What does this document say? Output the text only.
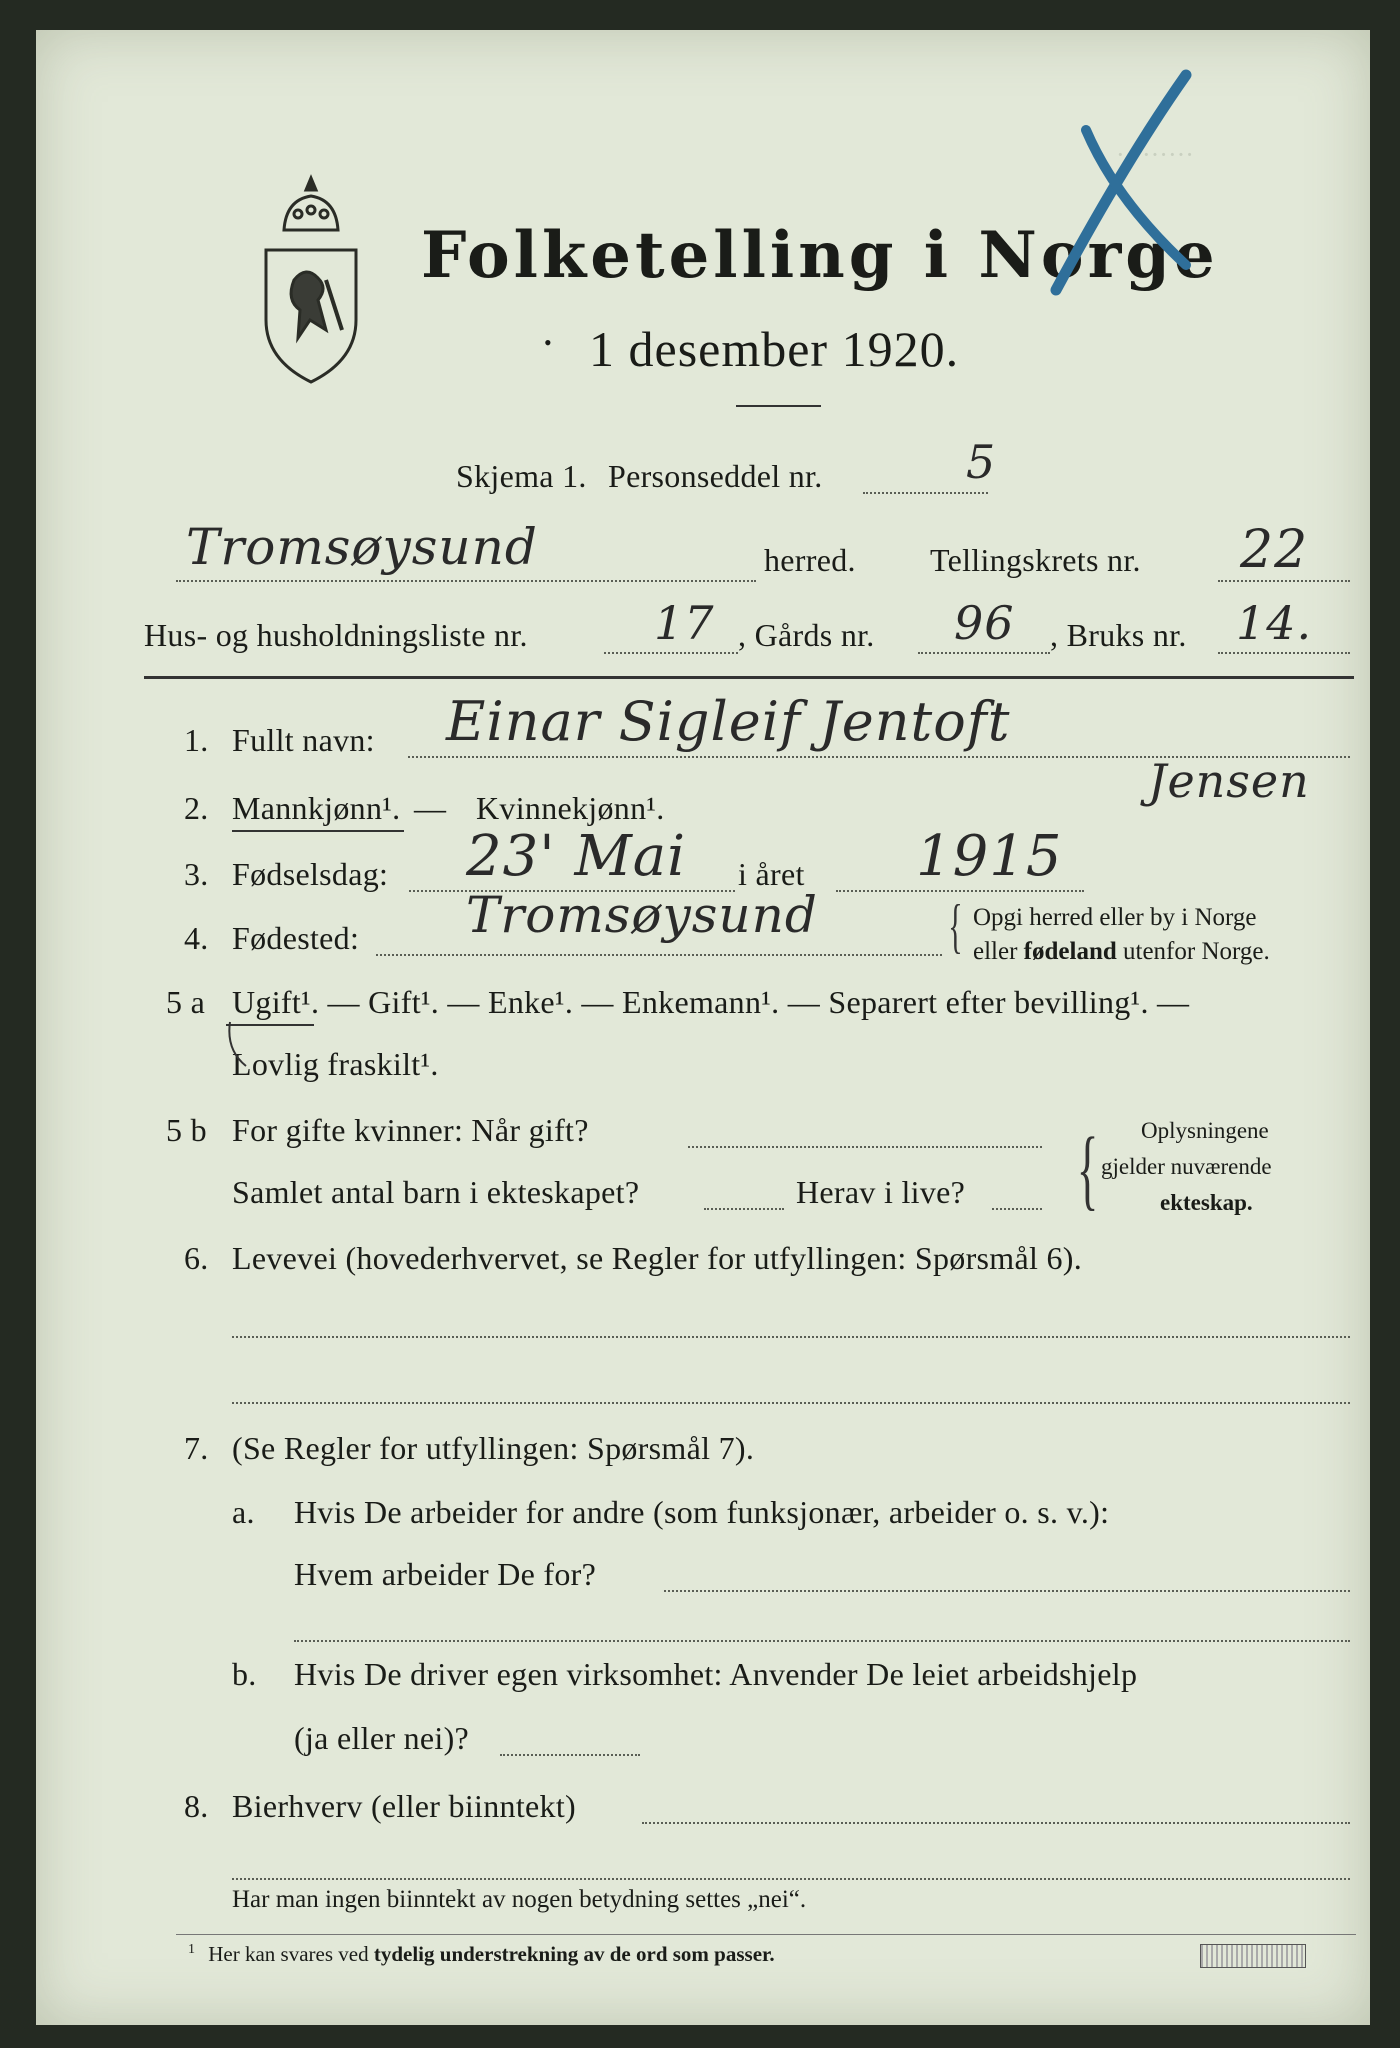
·········
Folketelling i Norge
1 desember 1920.
•
Skjema 1. Personseddel nr.	5
Tromsøysund	herred. Tellingskrets nr. 22
Hus- og husholdningsliste nr.	17 , Gårds nr. 96 , Bruks nr. 14.
1. Fullt navn: Einar Sigleif Jentoft
Jensen
2. Mannkjønn¹. — Kvinnekjønn¹.
3. Fødselsdag: 23' Mai i året 1915
4. Fødested: Tromsøysund { Opgi herred eller by i Norge
eller fødeland utenfor Norge.
5 a Ugift¹. — Gift¹. — Enke¹. — Enkemann¹. — Separert efter bevilling¹. —
Lovlig fraskilt¹.
5 b For gifte kvinner: Når gift?
Samlet antal barn i ekteskapet?	Herav i live? { Oplysningene
gjelder nuværende
ekteskap.
6. Levevei (hovederhvervet, se Regler for utfyllingen: Spørsmål 6).
7. (Se Regler for utfyllingen: Spørsmål 7).
a. Hvis De arbeider for andre (som funksjonær, arbeider o. s. v.):
Hvem arbeider De for?
b. Hvis De driver egen virksomhet: Anvender De leiet arbeidshjelp
(ja eller nei)?
8. Bierhverv (eller biinntekt)
Har man ingen biinntekt av nogen betydning settes „nei“.
$^1$ Her kan svares ved tydelig understrekning av de ord som passer.
